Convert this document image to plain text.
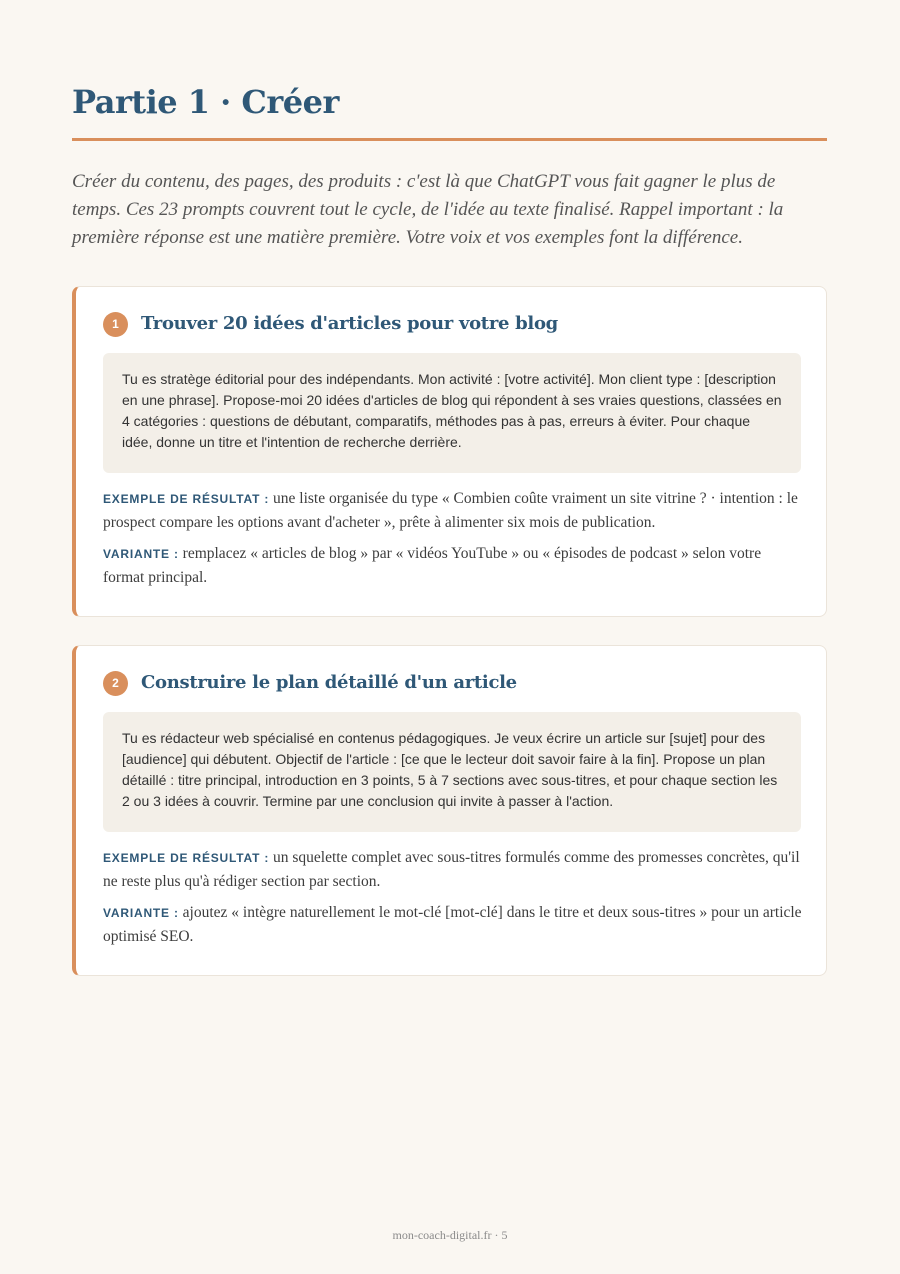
Partie 1 · Créer

Créer du contenu, des pages, des produits : c'est là que ChatGPT vous fait gagner le plus de temps. Ces 23 prompts couvrent tout le cycle, de l'idée au texte finalisé. Rappel important : la première réponse est une matière première. Votre voix et vos exemples font la différence.

1	Trouver 20 idées d'articles pour votre blog
Tu es stratège éditorial pour des indépendants. Mon activité : [votre activité]. Mon client type : [description en une phrase]. Propose-moi 20 idées d'articles de blog qui répondent à ses vraies questions, classées en 4 catégories : questions de débutant, comparatifs, méthodes pas à pas, erreurs à éviter. Pour chaque idée, donne un titre et l'intention de recherche derrière.

EXEMPLE DE RÉSULTAT : une liste organisée du type « Combien coûte vraiment un site vitrine ? · intention : le prospect compare les options avant d'acheter », prête à alimenter six mois de publication.

VARIANTE : remplacez « articles de blog » par « vidéos YouTube » ou « épisodes de podcast » selon votre format principal.

2	Construire le plan détaillé d'un article
Tu es rédacteur web spécialisé en contenus pédagogiques. Je veux écrire un article sur [sujet] pour des [audience] qui débutent. Objectif de l'article : [ce que le lecteur doit savoir faire à la fin]. Propose un plan détaillé : titre principal, introduction en 3 points, 5 à 7 sections avec sous-titres, et pour chaque section les 2 ou 3 idées à couvrir. Termine par une conclusion qui invite à passer à l'action.

EXEMPLE DE RÉSULTAT : un squelette complet avec sous-titres formulés comme des promesses concrètes, qu'il ne reste plus qu'à rédiger section par section.

VARIANTE : ajoutez « intègre naturellement le mot-clé [mot-clé] dans le titre et deux sous-titres » pour un article optimisé SEO.

mon-coach-digital.fr · 5
